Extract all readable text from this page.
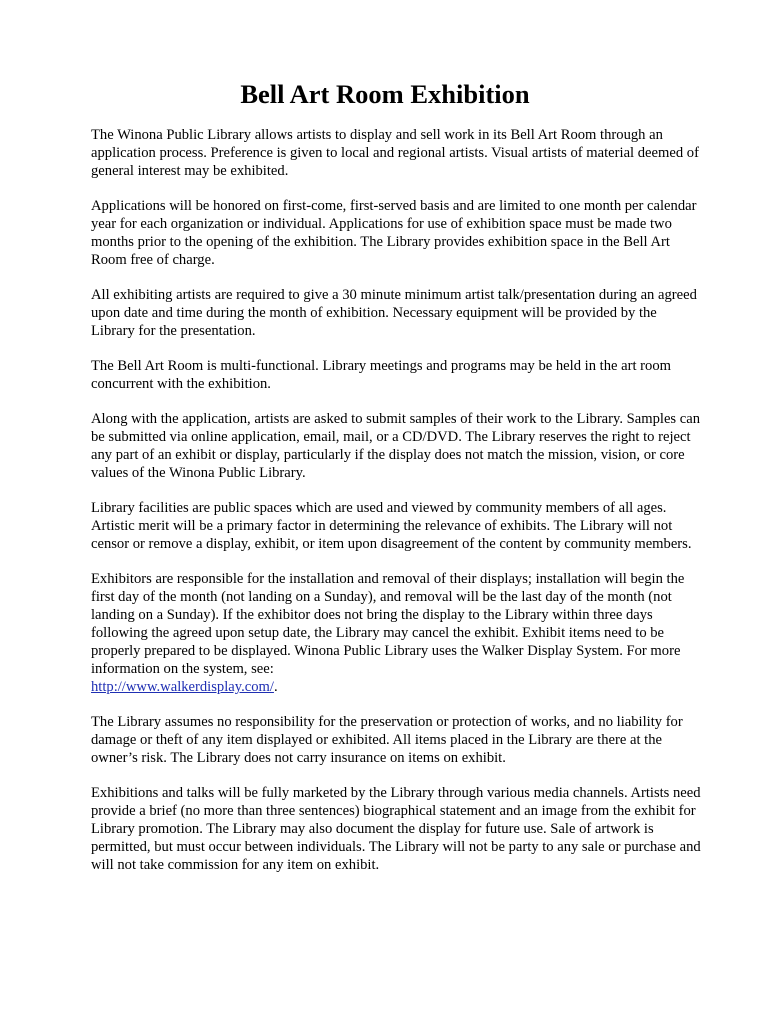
Bell Art Room Exhibition

The Winona Public Library allows artists to display and sell work in its Bell Art Room through an application process. Preference is given to local and regional artists. Visual artists of material deemed of general interest may be exhibited.

Applications will be honored on first-come, first-served basis and are limited to one month per calendar year for each organization or individual. Applications for use of exhibition space must be made two months prior to the opening of the exhibition. The Library provides exhibition space in the Bell Art Room free of charge.

All exhibiting artists are required to give a 30 minute minimum artist talk/presentation during an agreed upon date and time during the month of exhibition. Necessary equipment will be provided by the Library for the presentation.

The Bell Art Room is multi-functional. Library meetings and programs may be held in the art room concurrent with the exhibition.

Along with the application, artists are asked to submit samples of their work to the Library. Samples can be submitted via online application, email, mail, or a CD/DVD. The Library reserves the right to reject any part of an exhibit or display, particularly if the display does not match the mission, vision, or core values of the Winona Public Library.

Library facilities are public spaces which are used and viewed by community members of all ages. Artistic merit will be a primary factor in determining the relevance of exhibits. The Library will not censor or remove a display, exhibit, or item upon disagreement of the content by community members.

Exhibitors are responsible for the installation and removal of their displays; installation will begin the first day of the month (not landing on a Sunday), and removal will be the last day of the month (not landing on a Sunday). If the exhibitor does not bring the display to the Library within three days following the agreed upon setup date, the Library may cancel the exhibit. Exhibit items need to be properly prepared to be displayed. Winona Public Library uses the Walker Display System. For more information on the system, see:
http://www.walkerdisplay.com/.

The Library assumes no responsibility for the preservation or protection of works, and no liability for damage or theft of any item displayed or exhibited. All items placed in the Library are there at the owner’s risk. The Library does not carry insurance on items on exhibit.

Exhibitions and talks will be fully marketed by the Library through various media channels. Artists need provide a brief (no more than three sentences) biographical statement and an image from the exhibit for Library promotion. The Library may also document the display for future use. Sale of artwork is permitted, but must occur between individuals. The Library will not be party to any sale or purchase and will not take commission for any item on exhibit.
